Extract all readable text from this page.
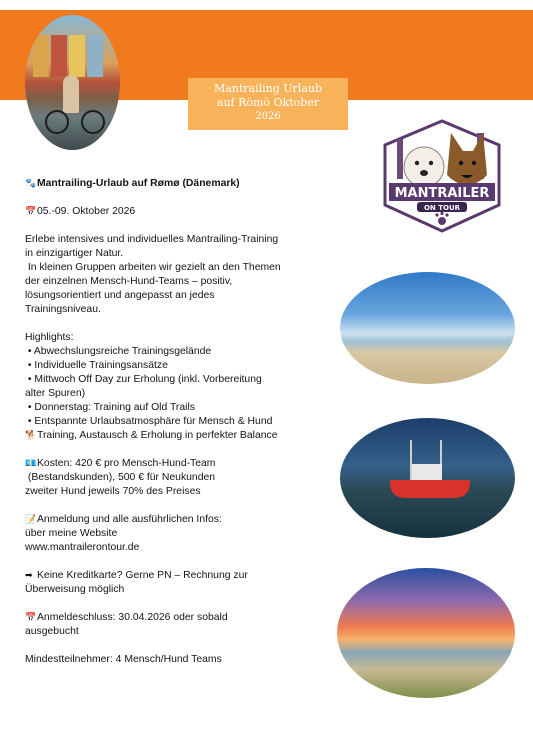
Mantrailing Urlaub
auf Römö Oktober
2026
MANTRAILER
ON TOUR

🐾Mantrailing-Urlaub auf Rømø (Dänemark)

📅05.-09. Oktober 2026

Erlebe intensives und individuelles Mantrailing-Training in einzigartiger Natur.

In kleinen Gruppen arbeiten wir gezielt an den Themen der einzelnen Mensch-Hund-Teams – positiv, lösungsorientiert und angepasst an jedes Trainingsniveau.

Highlights:

• Abwechslungsreiche Trainingsgelände

• Individuelle Trainingsansätze

• Mittwoch Off Day zur Erholung (inkl. Vorbereitung alter Spuren)

• Donnerstag: Training auf Old Trails

• Entspannte Urlaubsatmosphäre für Mensch & Hund

🐕Training, Austausch & Erholung in perfekter Balance

💶Kosten: 420 € pro Mensch-Hund-Team

(Bestandskunden), 500 € für Neukunden

zweiter Hund jeweils 70% des Preises

📝Anmeldung und alle ausführlichen Infos:

über meine Website

www.mantrailerontour.de

➡ Keine Kreditkarte? Gerne PN – Rechnung zur Überweisung möglich

📅Anmeldeschluss: 30.04.2026 oder sobald ausgebucht

Mindestteilnehmer: 4 Mensch/Hund Teams
